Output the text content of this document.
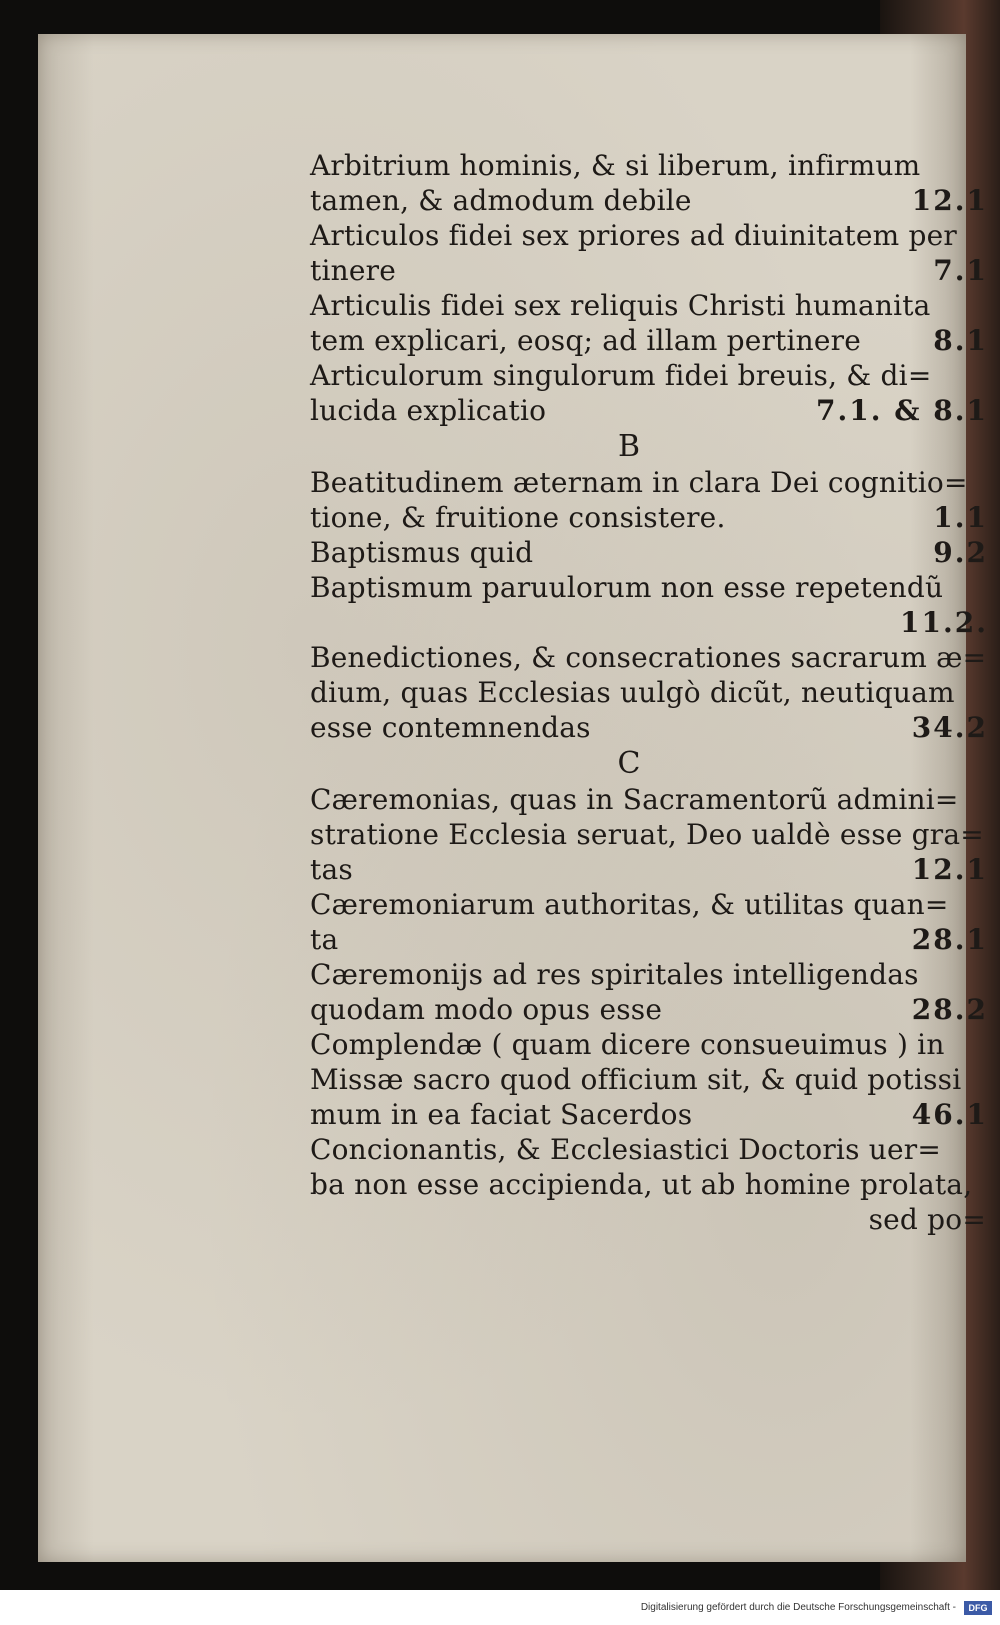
Arbitrium hominis, & si liberum, infirmum
tamen, & admodum debile	12.1
Articulos fidei sex priores ad diuinitatem per
tinere	7.1
Articulis fidei sex reliquis Christi humanita
tem explicari, eosq; ad illam pertinere	8.1
Articulorum singulorum fidei breuis, & di=
lucida explicatio	7.1. & 8.1
B
Beatitudinem æternam in clara Dei cognitio=
tione, & fruitione consistere.	1.1
Baptismus quid	9.2
Baptismum paruulorum non esse repetendũ
11.2.
Benedictiones, & consecrationes sacrarum æ=
dium, quas Ecclesias uulgò dicũt, neutiquam
esse contemnendas	34.2
C
Cæremonias, quas in Sacramentorũ admini=
stratione Ecclesia seruat, Deo ualdè esse gra=
tas	12.1
Cæremoniarum authoritas, & utilitas quan=
ta	28.1
Cæremonijs ad res spiritales intelligendas
quodam modo opus esse	28.2
Complendæ ( quam dicere consueuimus ) in
Missæ sacro quod officium sit, & quid potissi
mum in ea faciat Sacerdos	46.1
Concionantis, & Ecclesiastici Doctoris uer=
ba non esse accipienda, ut ab homine prolata,
sed po=
Digitalisierung gefördert durch die Deutsche Forschungsgemeinschaft -	DFG
